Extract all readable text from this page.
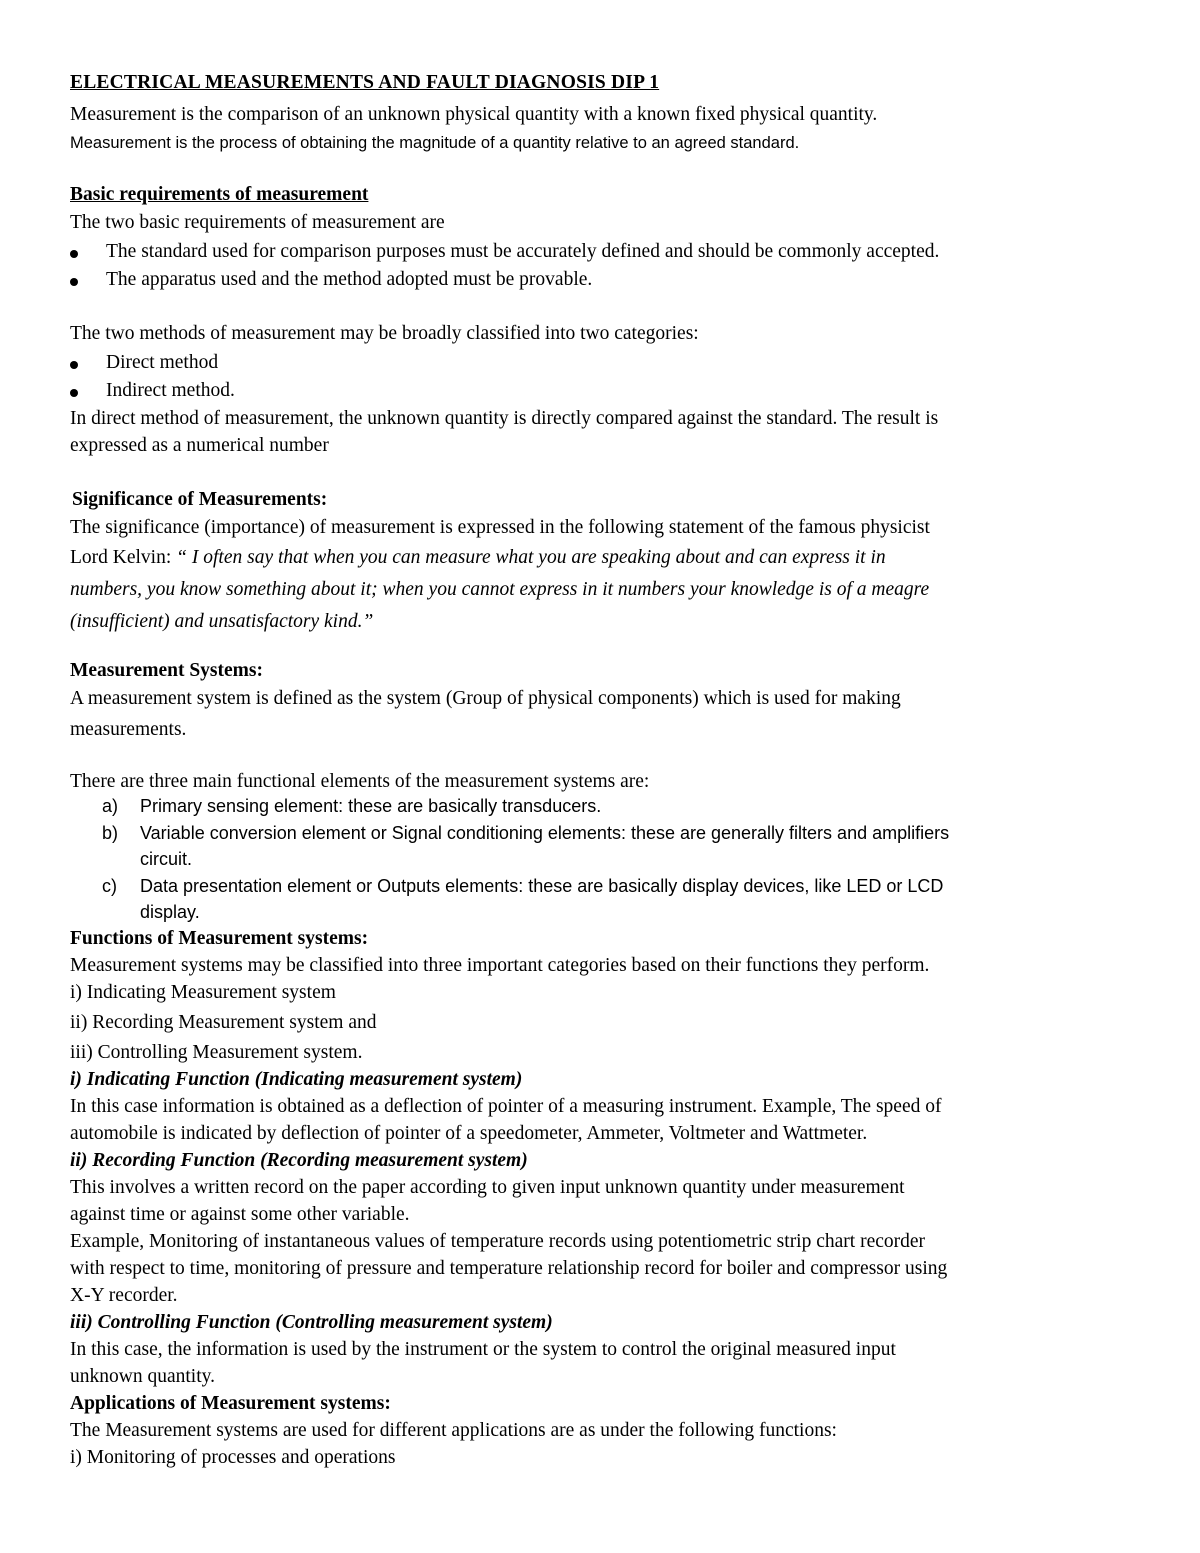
ELECTRICAL MEASUREMENTS AND FAULT DIAGNOSIS DIP 1
Measurement is the comparison of an unknown physical quantity with a known fixed physical quantity.
Measurement is the process of obtaining the magnitude of a quantity relative to an agreed standard.
Basic requirements of measurement
The two basic requirements of measurement are
The standard used for comparison purposes must be accurately defined and should be commonly accepted.
The apparatus used and the method adopted must be provable.
The two methods of measurement may be broadly classified into two categories:
Direct method
Indirect method.
In direct method of measurement, the unknown quantity is directly compared against the standard. The result is
expressed as a numerical number
Significance of Measurements:
The significance (importance) of measurement is expressed in the following statement of the famous physicist
Lord Kelvin: “ I often say that when you can measure what you are speaking about and can express it in
numbers, you know something about it; when you cannot express in it numbers your knowledge is of a meagre
(insufficient) and unsatisfactory kind.”
Measurement Systems:
A measurement system is defined as the system (Group of physical components) which is used for making
measurements.
There are three main functional elements of the measurement systems are:
a) Primary sensing element: these are basically transducers.
b) Variable conversion element or Signal conditioning elements: these are generally filters and amplifiers
circuit.
c) Data presentation element or Outputs elements: these are basically display devices, like LED or LCD
display.
Functions of Measurement systems:
Measurement systems may be classified into three important categories based on their functions they perform.
i) Indicating Measurement system
ii) Recording Measurement system and
iii) Controlling Measurement system.
i) Indicating Function (Indicating measurement system)
In this case information is obtained as a deflection of pointer of a measuring instrument. Example, The speed of
automobile is indicated by deflection of pointer of a speedometer, Ammeter, Voltmeter and Wattmeter.
ii) Recording Function (Recording measurement system)
This involves a written record on the paper according to given input unknown quantity under measurement
against time or against some other variable.
Example, Monitoring of instantaneous values of temperature records using potentiometric strip chart recorder
with respect to time, monitoring of pressure and temperature relationship record for boiler and compressor using
X-Y recorder.
iii) Controlling Function (Controlling measurement system)
In this case, the information is used by the instrument or the system to control the original measured input
unknown quantity.
Applications of Measurement systems:
The Measurement systems are used for different applications are as under the following functions:
i) Monitoring of processes and operations
